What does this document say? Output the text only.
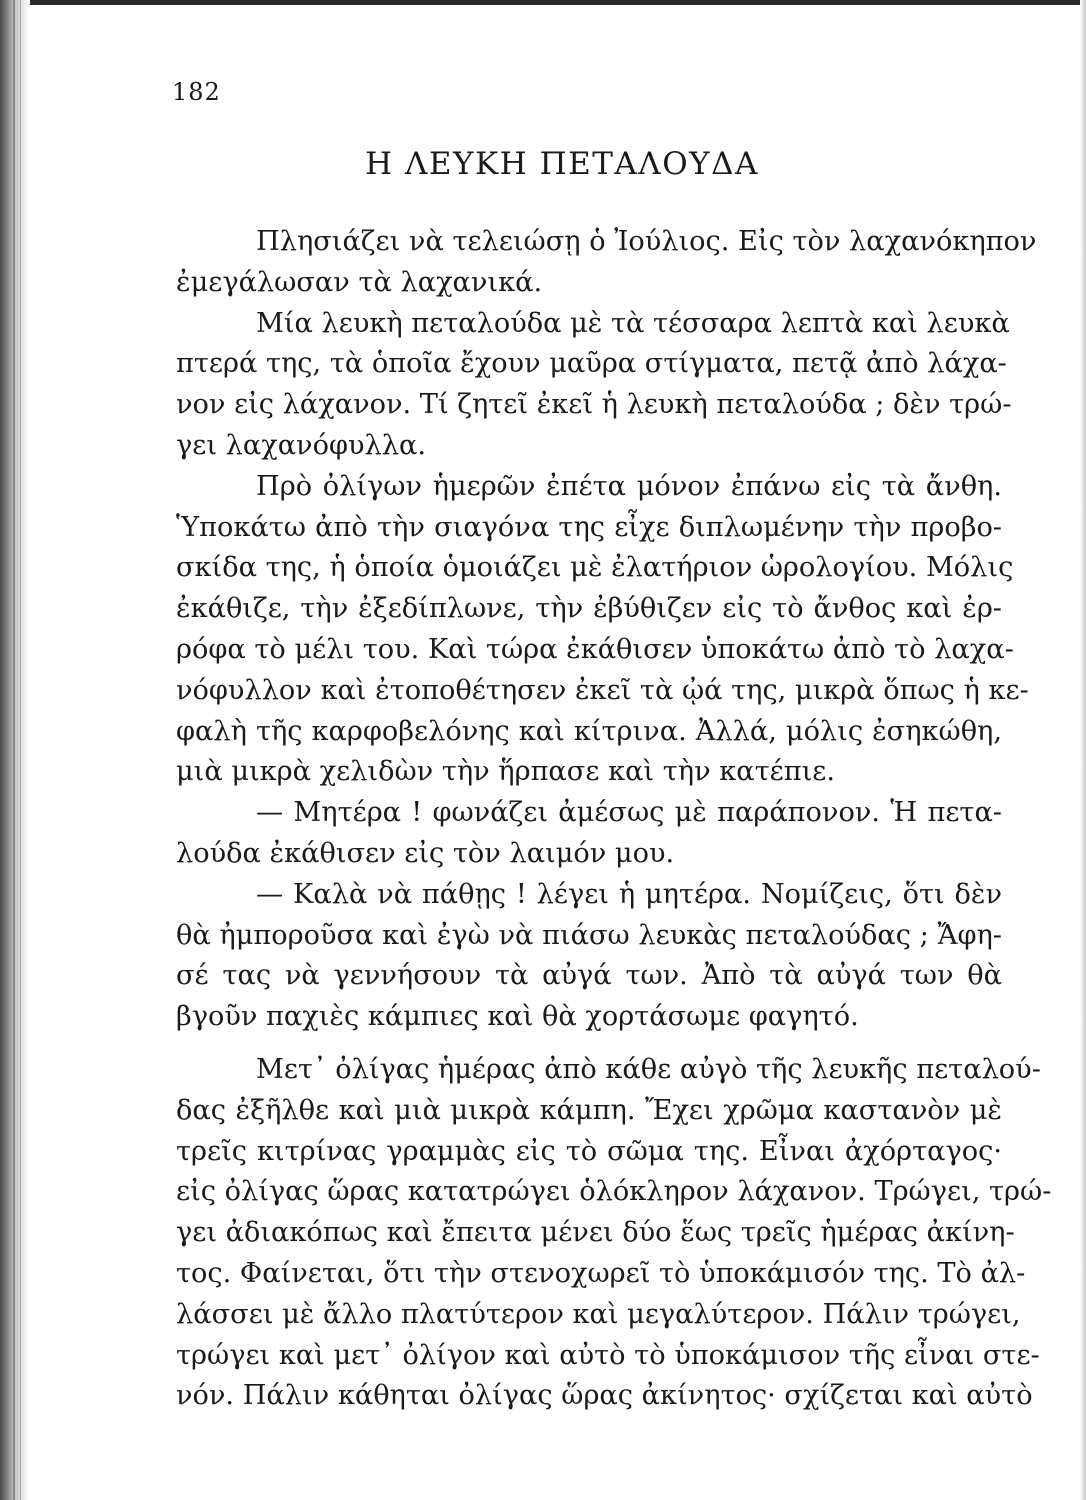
182
Η ΛΕΥΚΗ ΠΕΤΑΛΟΥΔΑ
Πλησιάζει νὰ τελειώσῃ ὁ Ἰούλιος. Εἰς τὸν λαχανόκηπον
ἐμεγάλωσαν τὰ λαχανικά.
Μία λευκὴ πεταλούδα μὲ τὰ τέσσαρα λεπτὰ καὶ λευκὰ
πτερά της, τὰ ὁποῖα ἔχουν μαῦρα στίγματα, πετᾷ ἀπὸ λάχα-
νον εἰς λάχανον. Τί ζητεῖ ἐκεῖ ἡ λευκὴ πεταλούδα ; δὲν τρώ-
γει λαχανόφυλλα.
Πρὸ ὀλίγων ἡμερῶν ἐπέτα μόνον ἐπάνω εἰς τὰ ἄνθη.
Ὑποκάτω ἀπὸ τὴν σιαγόνα της εἶχε διπλωμένην τὴν προβο-
σκίδα της, ἡ ὁποία ὁμοιάζει μὲ ἐλατήριον ὡρολογίου. Μόλις
ἐκάθιζε, τὴν ἐξεδίπλωνε, τὴν ἐβύθιζεν εἰς τὸ ἄνθος καὶ ἐρ-
ρόφα τὸ μέλι του. Καὶ τώρα ἐκάθισεν ὑποκάτω ἀπὸ τὸ λαχα-
νόφυλλον καὶ ἐτοποθέτησεν ἐκεῖ τὰ ᾠά της, μικρὰ ὅπως ἡ κε-
φαλὴ τῆς καρφοβελόνης καὶ κίτρινα. Ἀλλά, μόλις ἐσηκώθη,
μιὰ μικρὰ χελιδὼν τὴν ἥρπασε καὶ τὴν κατέπιε.
— Μητέρα ! φωνάζει ἀμέσως μὲ παράπονον. Ἡ πετα-
λούδα ἐκάθισεν εἰς τὸν λαιμόν μου.
— Καλὰ νὰ πάθῃς ! λέγει ἡ μητέρα. Νομίζεις, ὅτι δὲν
θὰ ἠμποροῦσα καὶ ἐγὼ νὰ πιάσω λευκὰς πεταλούδας ; Ἄφη-
σέ τας νὰ γεννήσουν τὰ αὐγά των. Ἀπὸ τὰ αὐγά των θὰ
βγοῦν παχιὲς κάμπιες καὶ θὰ χορτάσωμε φαγητό.
Μετ᾿ ὀλίγας ἡμέρας ἀπὸ κάθε αὐγὸ τῆς λευκῆς πεταλού-
δας ἐξῆλθε καὶ μιὰ μικρὰ κάμπη. Ἔχει χρῶμα καστανὸν μὲ
τρεῖς κιτρίνας γραμμὰς εἰς τὸ σῶμα της. Εἶναι ἀχόρταγος·
εἰς ὀλίγας ὥρας κατατρώγει ὁλόκληρον λάχανον. Τρώγει, τρώ-
γει ἀδιακόπως καὶ ἔπειτα μένει δύο ἕως τρεῖς ἡμέρας ἀκίνη-
τος. Φαίνεται, ὅτι τὴν στενοχωρεῖ τὸ ὑποκάμισόν της. Τὸ ἀλ-
λάσσει μὲ ἄλλο πλατύτερον καὶ μεγαλύτερον. Πάλιν τρώγει,
τρώγει καὶ μετ᾿ ὀλίγον καὶ αὐτὸ τὸ ὑποκάμισον τῆς εἶναι στε-
νόν. Πάλιν κάθηται ὀλίγας ὥρας ἀκίνητος· σχίζεται καὶ αὐτὸ
